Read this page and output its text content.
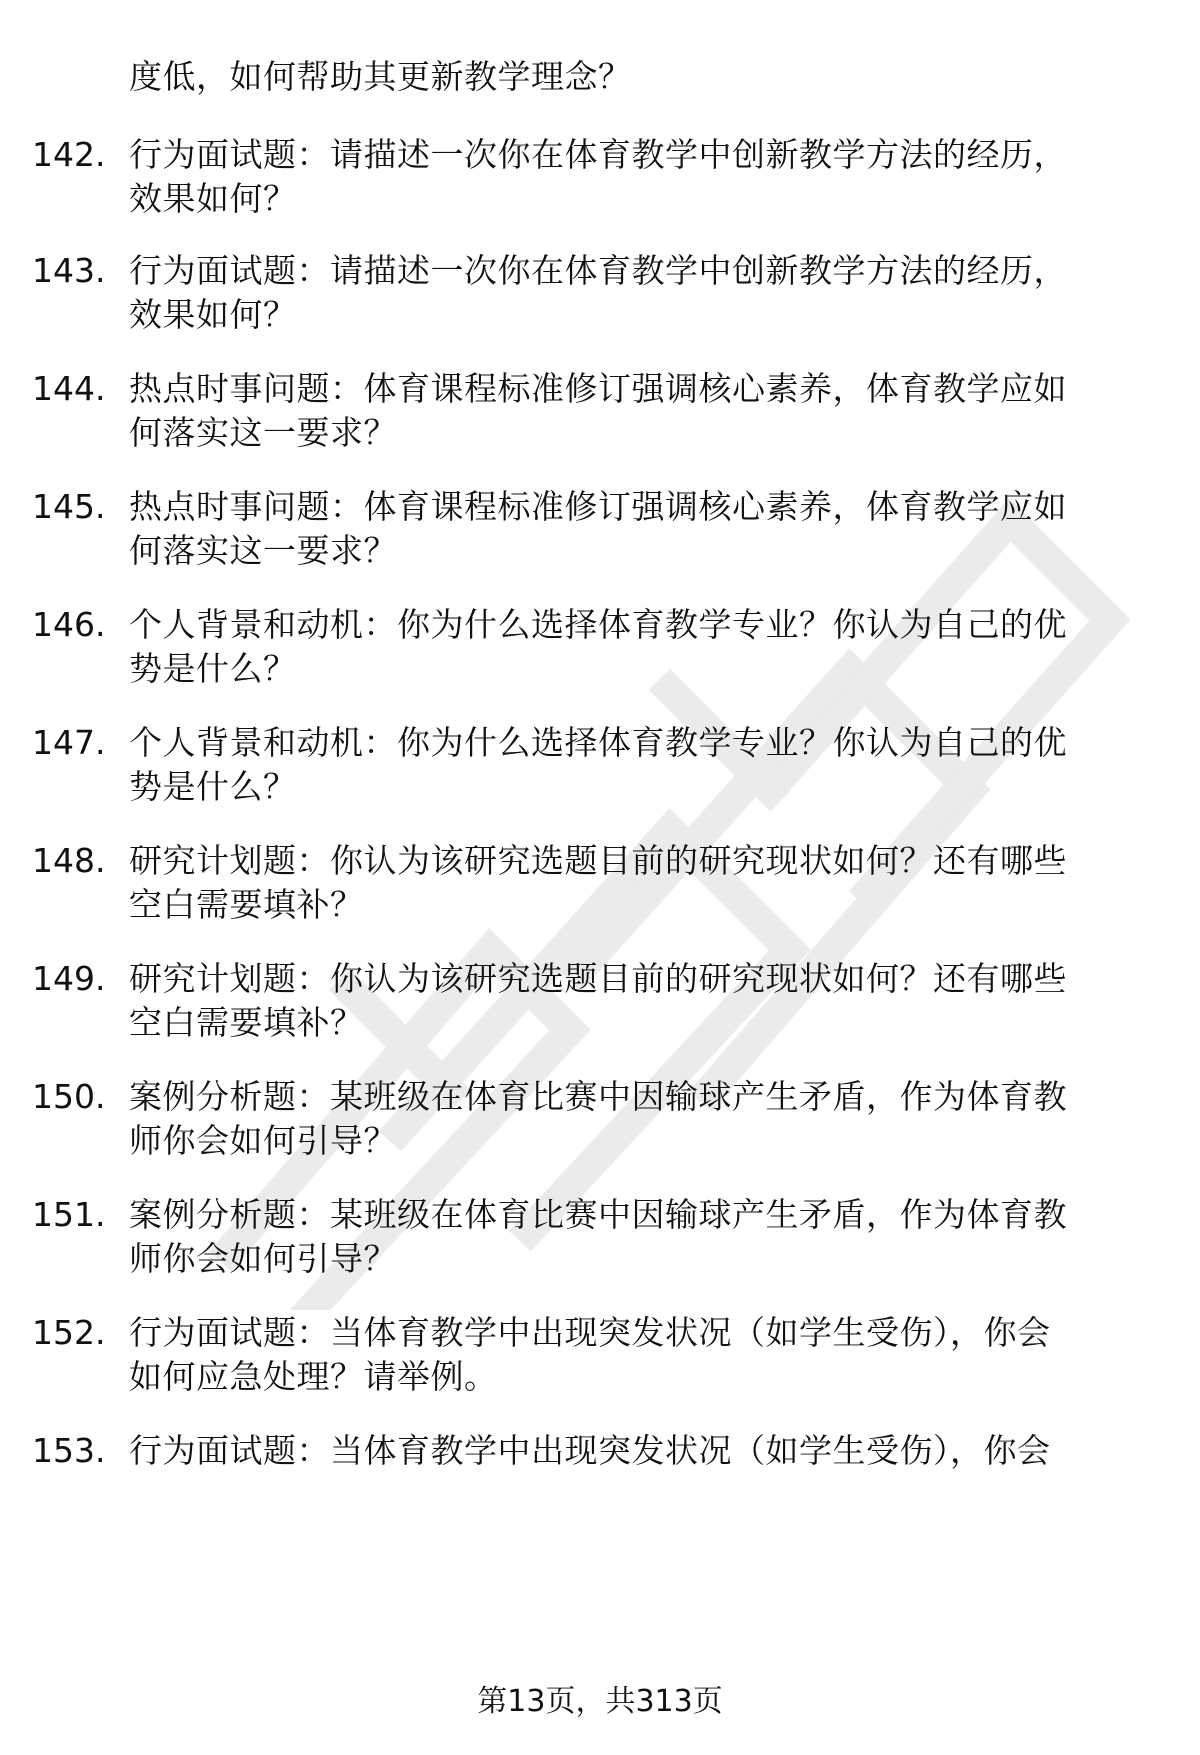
度低，如何帮助其更新教学理念？
142. 行为面试题：请描述一次你在体育教学中创新教学方法的经历，
效果如何？
143. 行为面试题：请描述一次你在体育教学中创新教学方法的经历，
效果如何？
144. 热点时事问题：体育课程标准修订强调核心素养，体育教学应如
何落实这一要求？
145. 热点时事问题：体育课程标准修订强调核心素养，体育教学应如
何落实这一要求？
146. 个人背景和动机：你为什么选择体育教学专业？你认为自己的优
势是什么？
147. 个人背景和动机：你为什么选择体育教学专业？你认为自己的优
势是什么？
148. 研究计划题：你认为该研究选题目前的研究现状如何？还有哪些
空白需要填补？
149. 研究计划题：你认为该研究选题目前的研究现状如何？还有哪些
空白需要填补？
150. 案例分析题：某班级在体育比赛中因输球产生矛盾，作为体育教
师你会如何引导？
151. 案例分析题：某班级在体育比赛中因输球产生矛盾，作为体育教
师你会如何引导？
152. 行为面试题：当体育教学中出现突发状况（如学生受伤），你会
如何应急处理？请举例。
153. 行为面试题：当体育教学中出现突发状况（如学生受伤），你会
第13页，共313页
